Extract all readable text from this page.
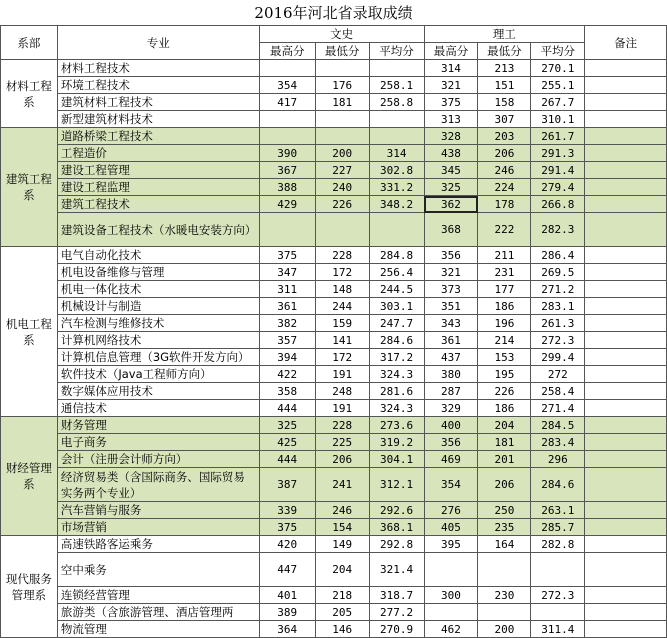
2016年河北省录取成绩								
系部	专业	文史			理工			备注
		最高分	最低分	平均分	最高分	最低分	平均分	
材料工程系	材料工程技术				314	213	270.1	
	环境工程技术	354	176	258.1	321	151	255.1	
	建筑材料工程技术	417	181	258.8	375	158	267.7	
	新型建筑材料技术				313	307	310.1	
建筑工程系	道路桥梁工程技术				328	203	261.7	
	工程造价	390	200	314	438	206	291.3	
	建设工程管理	367	227	302.8	345	246	291.4	
	建设工程监理	388	240	331.2	325	224	279.4	
	建筑工程技术	429	226	348.2	362	178	266.8	
	建筑设备工程技术（水暖电安装方向）				368	222	282.3	
机电工程系	电气自动化技术	375	228	284.8	356	211	286.4	
	机电设备维修与管理	347	172	256.4	321	231	269.5	
	机电一体化技术	311	148	244.5	373	177	271.2	
	机械设计与制造	361	244	303.1	351	186	283.1	
	汽车检测与维修技术	382	159	247.7	343	196	261.3	
	计算机网络技术	357	141	284.6	361	214	272.3	
	计算机信息管理（3G软件开发方向）	394	172	317.2	437	153	299.4	
	软件技术（Java工程师方向）	422	191	324.3	380	195	272	
	数字媒体应用技术	358	248	281.6	287	226	258.4	
	通信技术	444	191	324.3	329	186	271.4	
财经管理系	财务管理	325	228	273.6	400	204	284.5	
	电子商务	425	225	319.2	356	181	283.4	
	会计（注册会计师方向）	444	206	304.1	469	201	296	
	经济贸易类（含国际商务、国际贸易实务两个专业）	387	241	312.1	354	206	284.6	
	汽车营销与服务	339	246	292.6	276	250	263.1	
	市场营销	375	154	368.1	405	235	285.7	
现代服务管理系	高速铁路客运乘务	420	149	292.8	395	164	282.8	
	空中乘务	447	204	321.4				
	连锁经营管理	401	218	318.7	300	230	272.3	
	旅游类（含旅游管理、酒店管理两	389	205	277.2				
	物流管理	364	146	270.9	462	200	311.4	
